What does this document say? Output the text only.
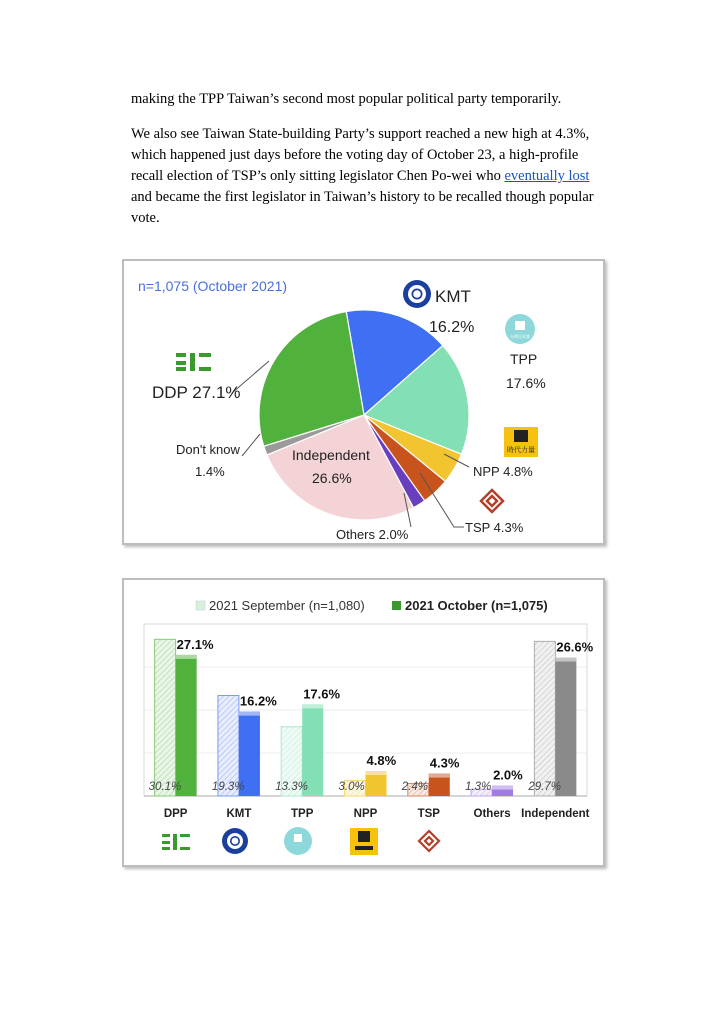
making the TPP Taiwan’s second most popular political party temporarily.

We also see Taiwan State-building Party’s support reached a new high at 4.3%, which happened just days before the voting day of October 23, a high-profile recall election of TSP’s only sitting legislator Chen Po-wei who eventually lost and became the first legislator in Taiwan’s history to be recalled though popular vote.

n=1,075 (October 2021)
KMT
16.2%
台灣民眾黨
TPP
17.6%
DDP 27.1%
Don't know
1.4%
Independent
26.6%
時代力量
NPP 4.8%
TSP 4.3%
Others 2.0%
2021 September (n=1,080)	2021 October (n=1,075)
30.1%
27.1%
19.3%
16.2%
13.3%
17.6%
3.0%
4.8%
2.4%
4.3%
1.3%
2.0%
29.7%
26.6%
DPP	KMT	TPP	NPP	TSP	Others Independent
